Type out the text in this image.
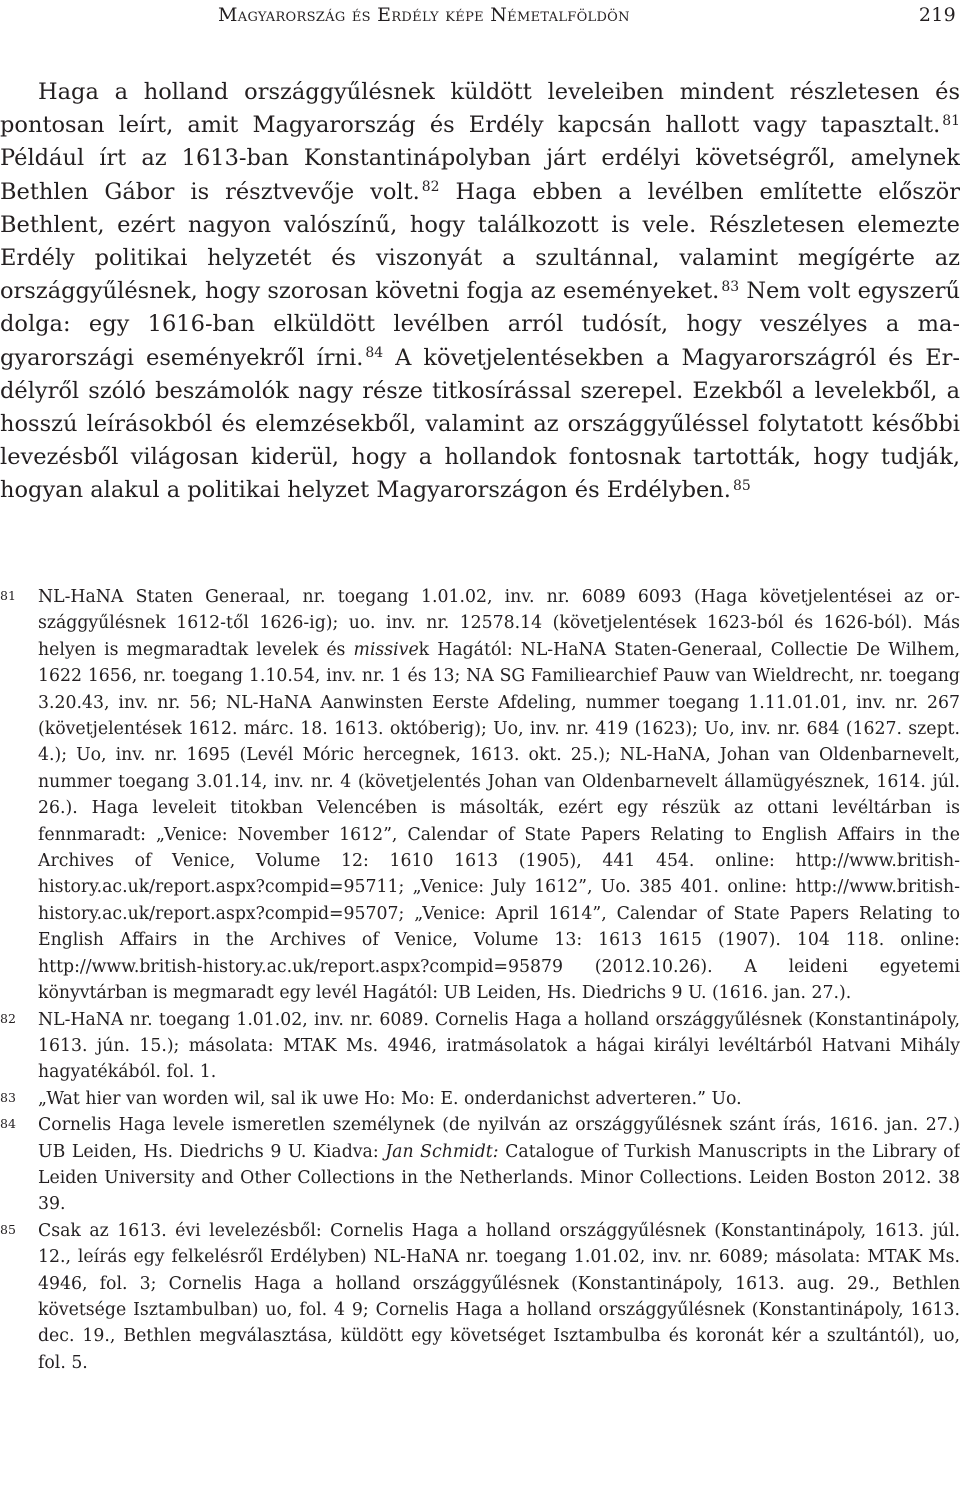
Magyarország és Erdély képe Németalföldön	219

Haga a holland országgyűlésnek küldött leveleiben mindent részletesen és pontosan leírt, amit Magyarország és Erdély kapcsán hallott vagy tapasztalt. $^{81}$ Például írt az 1613-ban Konstantinápolyban járt erdélyi követségről, amelynek Bethlen Gábor is résztvevője volt. $^{82}$ Haga ebben a levélben említette először Bethlent, ezért nagyon valószínű, hogy találkozott is vele. Részletesen elemezte Erdély politikai helyzetét és viszonyát a szultánnal, valamint megígérte az országgyűlésnek, hogy szorosan követni fogja az eseményeket. $^{83}$ Nem volt egyszerű dolga: egy 1616-ban elküldött levélben arról tudósít, hogy veszélyes a magyarországi eseményekről írni. $^{84}$ A követjelentésekben a Magyarországról és Erdélyről szóló beszámolók nagy része titkosírással szerepel. Ezekből a levelekből, a hosszú leírásokból és elemzésekből, valamint az országgyűléssel folytatott későbbi levezésből világosan kiderül, hogy a hollandok fontosnak tartották, hogy tudják, hogyan alakul a politikai helyzet Magyarországon és Erdélyben. $^{85}$

81 NL-HaNA Staten Generaal, nr. toegang 1.01.02, inv. nr. 6089 6093 (Haga követjelentései az országgyűlésnek 1612-től 1626-ig); uo. inv. nr. 12578.14 (követjelentések 1623-ból és 1626-ból). Más helyen is megmaradtak levelek és missivek Hagától: NL-HaNA Staten-Generaal, Collectie De Wilhem, 1622 1656, nr. toegang 1.10.54, inv. nr. 1 és 13; NA SG Familiearchief Pauw van Wieldrecht, nr. toegang 3.20.43, inv. nr. 56; NL-HaNA Aanwinsten Eerste Afdeling, nummer toegang 1.11.01.01, inv. nr. 267 (követjelentések 1612. márc. 18. 1613. októberig); Uo, inv. nr. 419 (1623); Uo, inv. nr. 684 (1627. szept. 4.); Uo, inv. nr. 1695 (Levél Móric hercegnek, 1613. okt. 25.); NL-HaNA, Johan van Oldenbarnevelt, nummer toegang 3.01.14, inv. nr. 4 (követjelentés Johan van Oldenbarnevelt államügyésznek, 1614. júl. 26.). Haga leveleit titokban Velencében is másolták, ezért egy részük az ottani levéltárban is fennmaradt: „Venice: November 1612”, Calendar of State Papers Relating to English Affairs in the Archives of Venice, Volume 12: 1610 1613 (1905), 441 454. online: http://www.british-history.ac.uk/report.aspx?compid=95711; „Venice: July 1612”, Uo. 385 401. online: http://www.british-history.ac.uk/report.aspx?compid=95707; „Venice: April 1614”, Calendar of State Papers Relating to English Affairs in the Archives of Venice, Volume 13: 1613 1615 (1907). 104 118. online: http://www.british-history.ac.uk/report.aspx?compid=95879 (2012.10.26). A leideni egyetemi könyvtárban is megmaradt egy levél Hagától: UB Leiden, Hs. Diedrichs 9 U. (1616. jan. 27.).
82 NL-HaNA nr. toegang 1.01.02, inv. nr. 6089. Cornelis Haga a holland országgyűlésnek (Konstantinápoly, 1613. jún. 15.); másolata: MTAK Ms. 4946, iratmásolatok a hágai királyi levéltárból Hatvani Mihály hagyatékából. fol. 1.
83 „Wat hier van worden wil, sal ik uwe Ho: Mo: E. onderdanichst adverteren.” Uo.
84 Cornelis Haga levele ismeretlen személynek (de nyilván az országgyűlésnek szánt írás, 1616. jan. 27.) UB Leiden, Hs. Diedrichs 9 U. Kiadva: Jan Schmidt: Catalogue of Turkish Manuscripts in the Library of Leiden University and Other Collections in the Netherlands. Minor Collections. Leiden Boston 2012. 38 39.
85 Csak az 1613. évi levelezésből: Cornelis Haga a holland országgyűlésnek (Konstantinápoly, 1613. júl. 12., leírás egy felkelésről Erdélyben) NL-HaNA nr. toegang 1.01.02, inv. nr. 6089; másolata: MTAK Ms. 4946, fol. 3; Cornelis Haga a holland országgyűlésnek (Konstantinápoly, 1613. aug. 29., Bethlen követsége Isztambulban) uo, fol. 4 9; Cornelis Haga a holland országgyűlésnek (Konstantinápoly, 1613. dec. 19., Bethlen megválasztása, küldött egy követséget Isztambulba és koronát kér a szultántól), uo, fol. 5.
